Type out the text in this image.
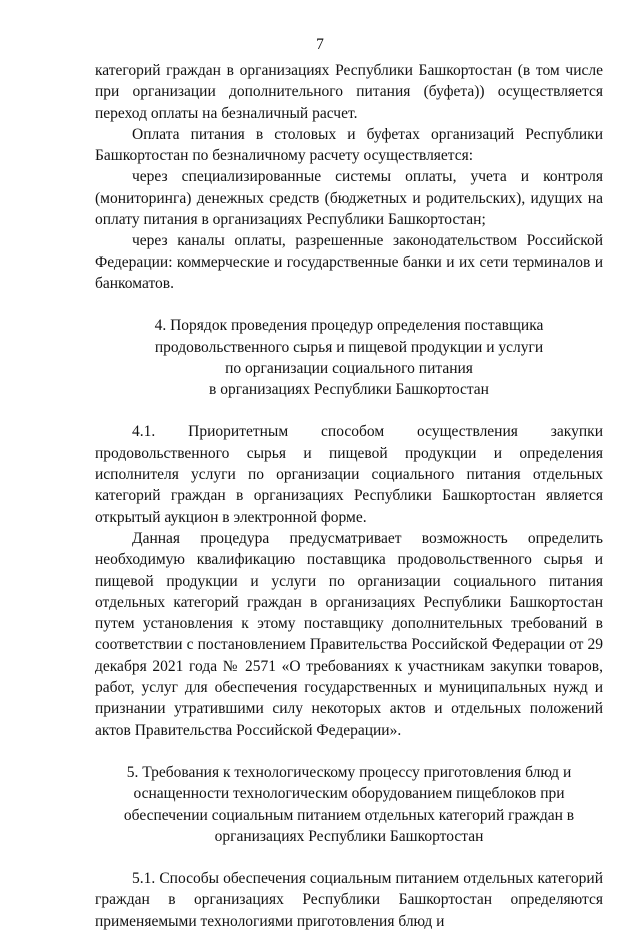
7

категорий граждан в организациях Республики Башкортостан (в том числе при организации дополнительного питания (буфета)) осуществляется переход оплаты на безналичный расчет.

Оплата питания в столовых и буфетах организаций Республики Башкортостан по безналичному расчету осуществляется:

через специализированные системы оплаты, учета и контроля (мониторинга) денежных средств (бюджетных и родительских), идущих на оплату питания в организациях Республики Башкортостан;

через каналы оплаты, разрешенные законодательством Российской Федерации: коммерческие и государственные банки и их сети терминалов и банкоматов.

4. Порядок проведения процедур определения поставщика
продовольственного сырья и пищевой продукции и услуги
по организации социального питания
в организациях Республики Башкортостан

4.1. Приоритетным способом осуществления закупки продовольственного сырья и пищевой продукции и определения исполнителя услуги по организации социального питания отдельных категорий граждан в организациях Республики Башкортостан является открытый аукцион в электронной форме.

Данная процедура предусматривает возможность определить необходимую квалификацию поставщика продовольственного сырья и пищевой продукции и услуги по организации социального питания отдельных категорий граждан в организациях Республики Башкортостан путем установления к этому поставщику дополнительных требований в соответствии с постановлением Правительства Российской Федерации от 29 декабря 2021 года № 2571 «О требованиях к участникам закупки товаров, работ, услуг для обеспечения государственных и муниципальных нужд и признании утратившими силу некоторых актов и отдельных положений актов Правительства Российской Федерации».

5. Требования к технологическому процессу приготовления блюд и
оснащенности технологическим оборудованием пищеблоков при
обеспечении социальным питанием отдельных категорий граждан в
организациях Республики Башкортостан

5.1. Способы обеспечения социальным питанием отдельных категорий граждан в организациях Республики Башкортостан определяются применяемыми технологиями приготовления блюд и
